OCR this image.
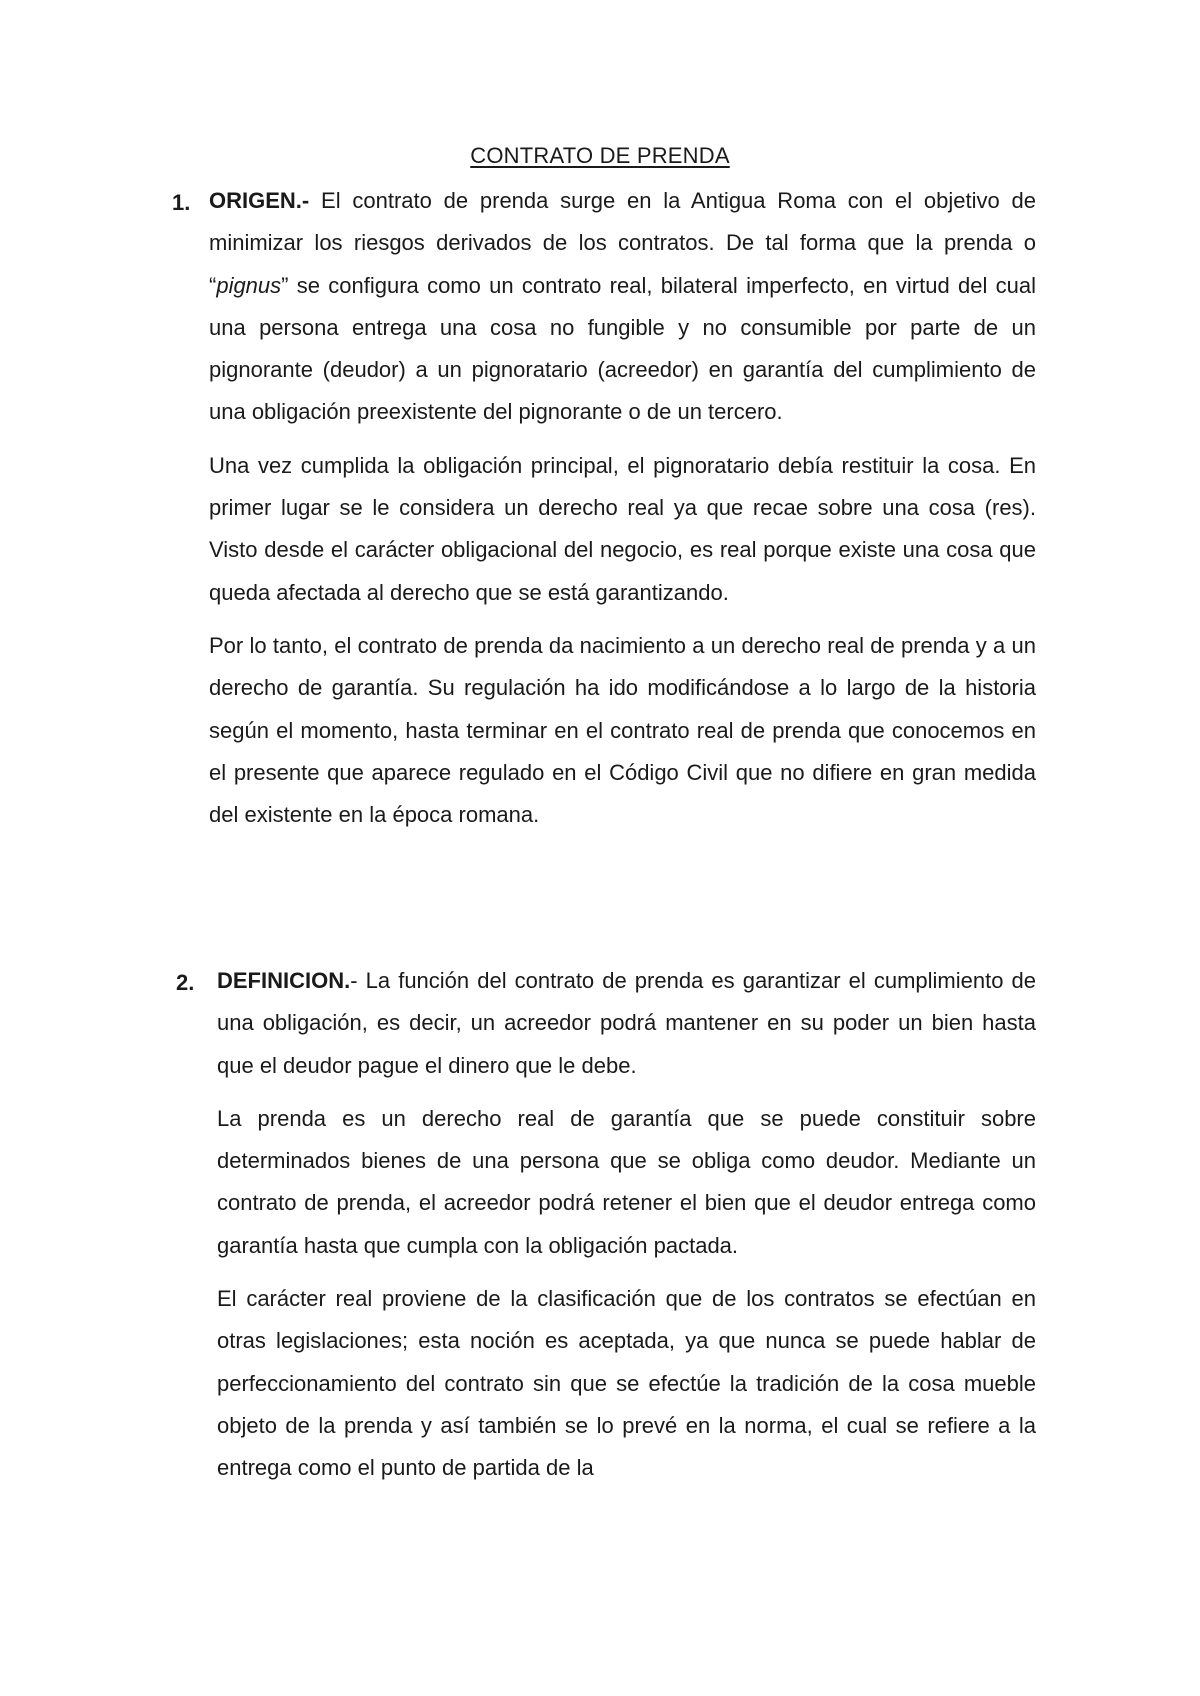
CONTRATO DE PRENDA
1. ORIGEN.- El contrato de prenda surge en la Antigua Roma con el objetivo de minimizar los riesgos derivados de los contratos. De tal forma que la prenda o “pignus” se configura como un contrato real, bilateral imperfecto, en virtud del cual una persona entrega una cosa no fungible y no consumible por parte de un pignorante (deudor) a un pignoratario (acreedor) en garantía del cumplimiento de una obligación preexistente del pignorante o de un tercero.

Una vez cumplida la obligación principal, el pignoratario debía restituir la cosa. En primer lugar se le considera un derecho real ya que recae sobre una cosa (res). Visto desde el carácter obligacional del negocio, es real porque existe una cosa que queda afectada al derecho que se está garantizando.

Por lo tanto, el contrato de prenda da nacimiento a un derecho real de prenda y a un derecho de garantía. Su regulación ha ido modificándose a lo largo de la historia según el momento, hasta terminar en el contrato real de prenda que conocemos en el presente que aparece regulado en el Código Civil que no difiere en gran medida del existente en la época romana.

2. DEFINICION.- La función del contrato de prenda es garantizar el cumplimiento de una obligación, es decir, un acreedor podrá mantener en su poder un bien hasta que el deudor pague el dinero que le debe.

La prenda es un derecho real de garantía que se puede constituir sobre determinados bienes de una persona que se obliga como deudor. Mediante un contrato de prenda, el acreedor podrá retener el bien que el deudor entrega como garantía hasta que cumpla con la obligación pactada.

El carácter real proviene de la clasificación que de los contratos se efectúan en otras legislaciones; esta noción es aceptada, ya que nunca se puede hablar de perfeccionamiento del contrato sin que se efectúe la tradición de la cosa mueble objeto de la prenda y así también se lo prevé en la norma, el cual se refiere a la entrega como el punto de partida de la
